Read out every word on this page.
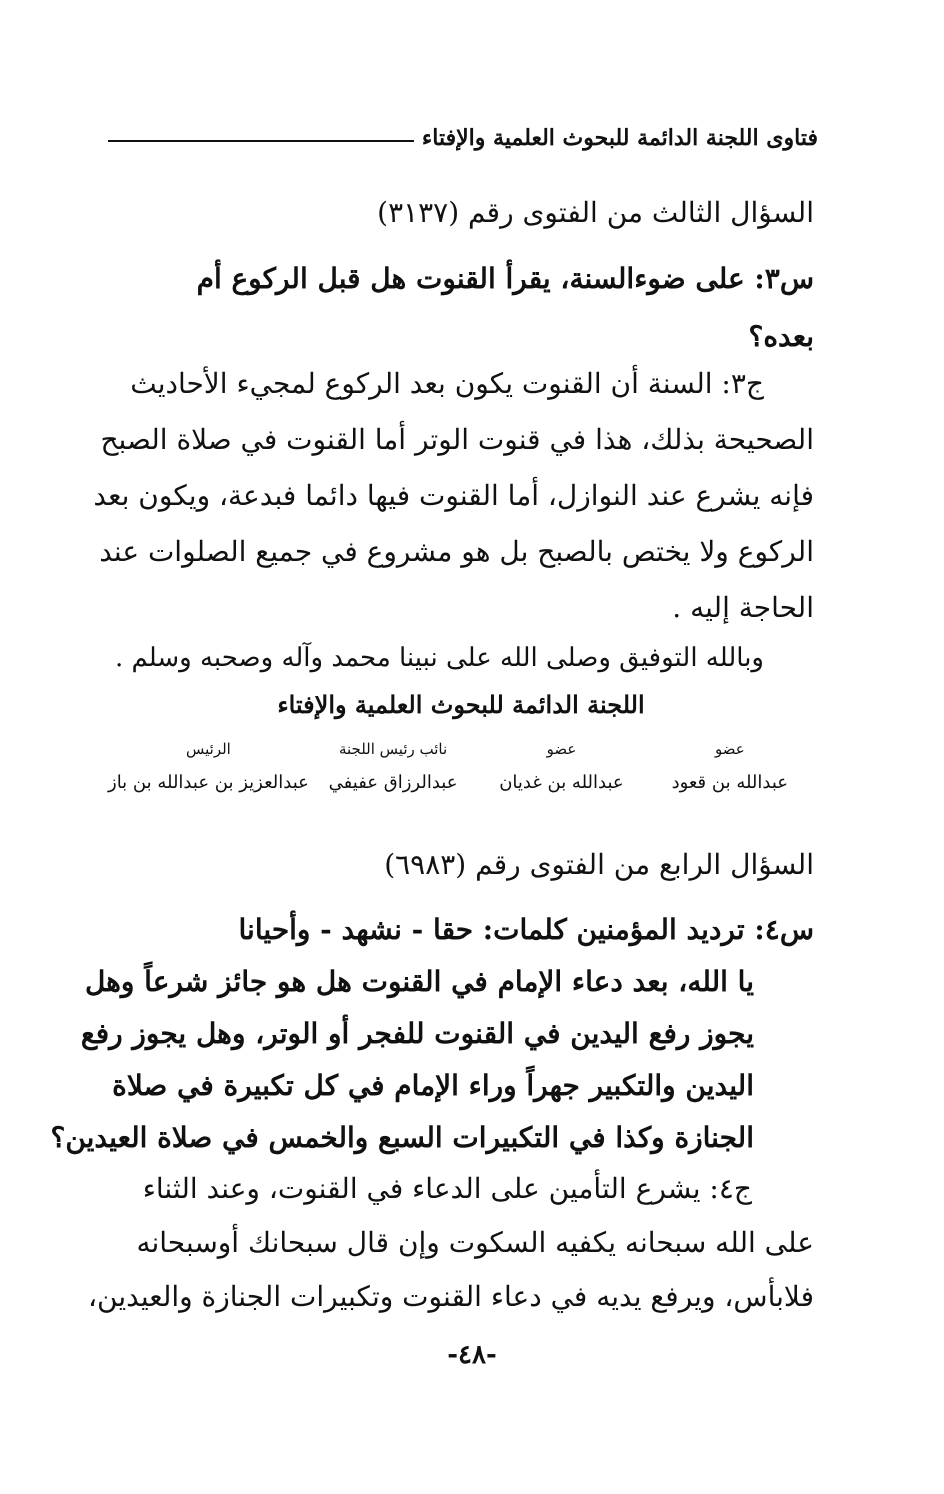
فتاوى اللجنة الدائمة للبحوث العلمية والإفتاء
السؤال الثالث من الفتوى رقم (٣١٣٧)
س٣: على ضوءالسنة، يقرأ القنوت هل قبل الركوع أم
بعده؟
ج٣: السنة أن القنوت يكون بعد الركوع لمجيء الأحاديث
الصحيحة بذلك، هذا في قنوت الوتر أما القنوت في صلاة الصبح
فإنه يشرع عند النوازل، أما القنوت فيها دائما فبدعة، ويكون بعد
الركوع ولا يختص بالصبح بل هو مشروع في جميع الصلوات عند
الحاجة إليه .
وبالله التوفيق وصلى الله على نبينا محمد وآله وصحبه وسلم .
اللجنة الدائمة للبحوث العلمية والإفتاء
عضو
عضو
نائب رئيس اللجنة
الرئيس
عبدالله بن قعود
عبدالله بن غديان
عبدالرزاق عفيفي
عبدالعزيز بن عبدالله بن باز
السؤال الرابع من الفتوى رقم (٦٩٨٣)
س٤: ترديد المؤمنين كلمات: حقا - نشهد - وأحيانا
يا الله، بعد دعاء الإمام في القنوت هل هو جائز شرعاً وهل
يجوز رفع اليدين في القنوت للفجر أو الوتر، وهل يجوز رفع
اليدين والتكبير جهراً وراء الإمام في كل تكبيرة في صلاة
الجنازة وكذا في التكبيرات السبع والخمس في صلاة العيدين؟
ج٤: يشرع التأمين على الدعاء في القنوت، وعند الثناء
على الله سبحانه يكفيه السكوت وإن قال سبحانك أوسبحانه
فلابأس، ويرفع يديه في دعاء القنوت وتكبيرات الجنازة والعيدين،
-٤٨-
